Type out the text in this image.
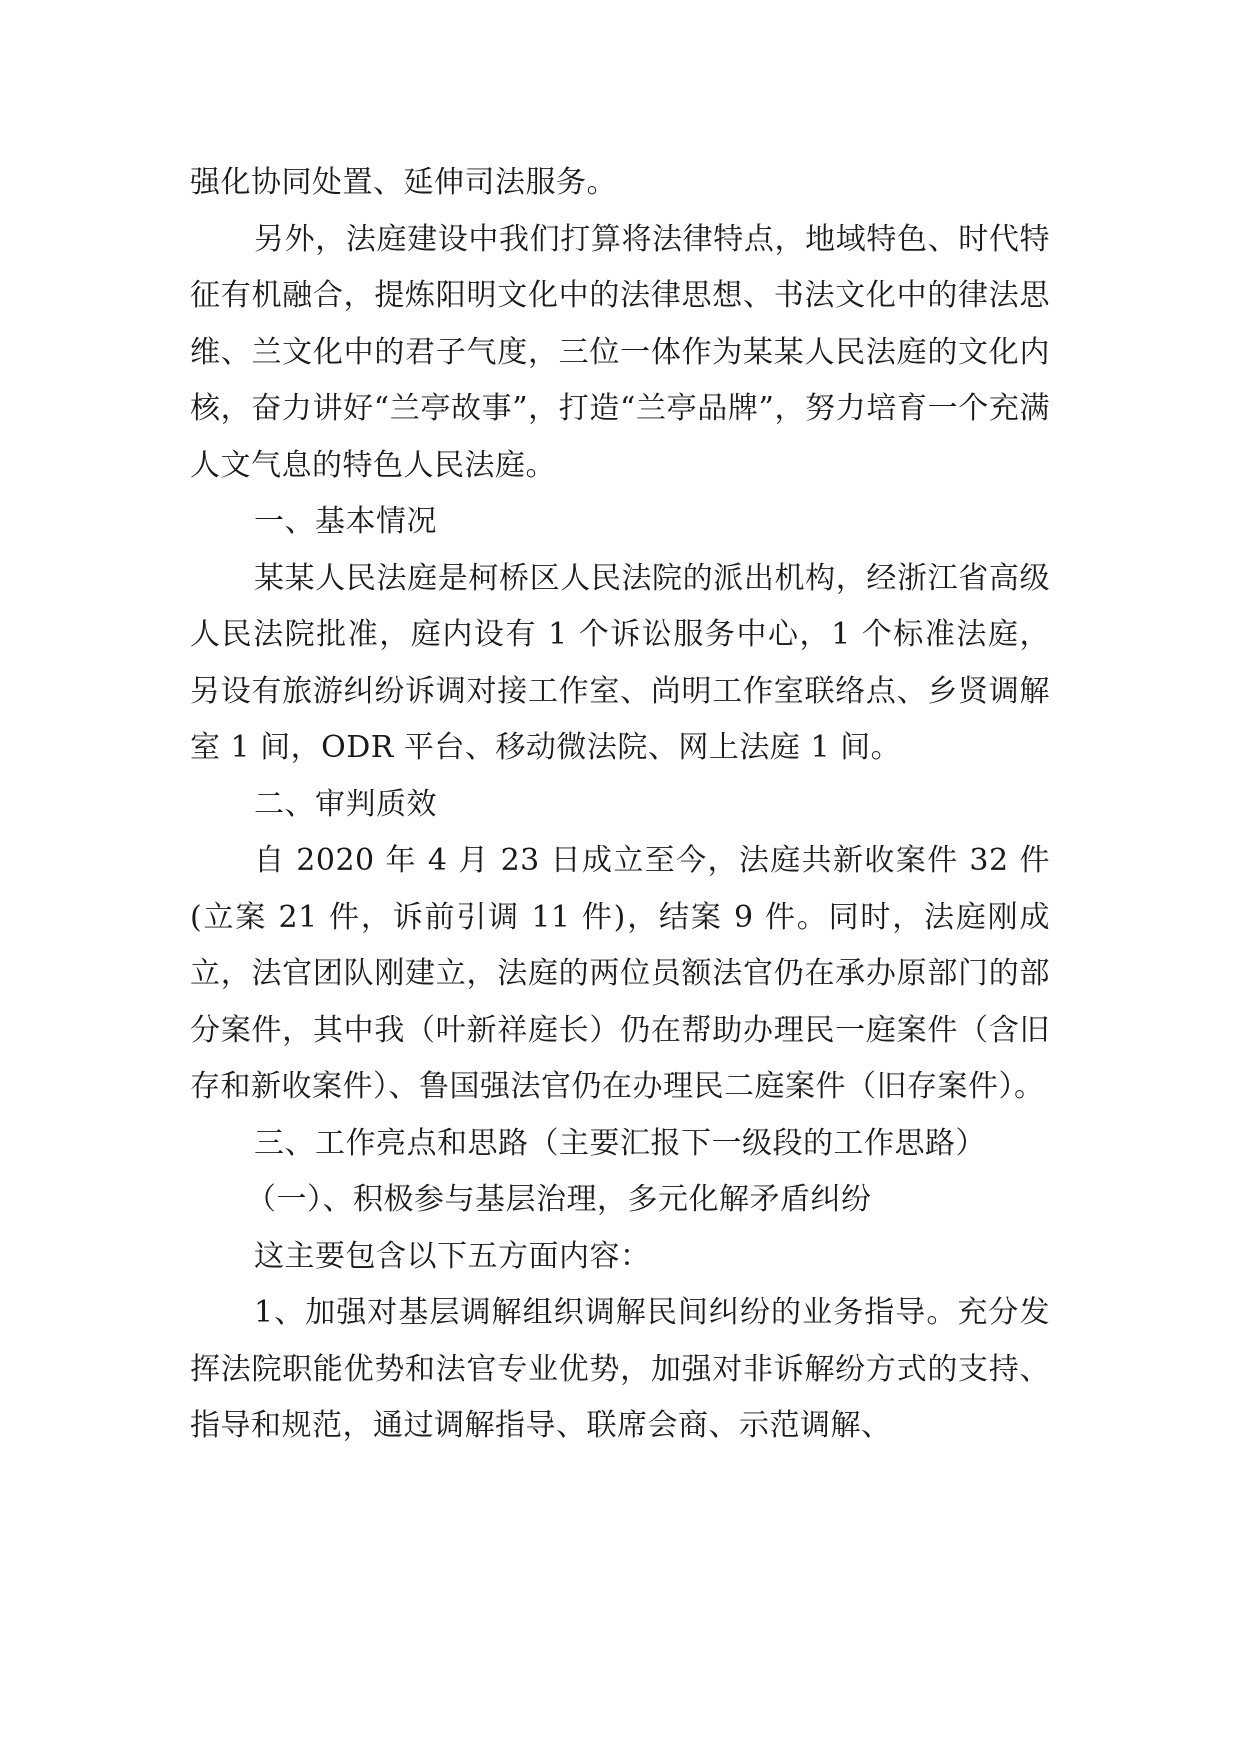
强化协同处置、延伸司法服务。

另外，法庭建设中我们打算将法律特点，地域特色、时代特征有机融合，提炼阳明文化中的法律思想、书法文化中的律法思维、兰文化中的君子气度，三位一体作为某某人民法庭的文化内核，奋力讲好“兰亭故事”，打造“兰亭品牌”，努力培育一个充满人文气息的特色人民法庭。

一、基本情况

某某人民法庭是柯桥区人民法院的派出机构，经浙江省高级人民法院批准，庭内设有 1 个诉讼服务中心，1 个标准法庭，另设有旅游纠纷诉调对接工作室、尚明工作室联络点、乡贤调解室 1 间，ODR 平台、移动微法院、网上法庭 1 间。

二、审判质效

自 2020 年 4 月 23 日成立至今，法庭共新收案件 32 件(立案 21 件，诉前引调 11 件)，结案 9 件。同时，法庭刚成立，法官团队刚建立，法庭的两位员额法官仍在承办原部门的部分案件，其中我（叶新祥庭长）仍在帮助办理民一庭案件（含旧存和新收案件）、鲁国强法官仍在办理民二庭案件（旧存案件）。

三、工作亮点和思路（主要汇报下一级段的工作思路）

（一）、积极参与基层治理，多元化解矛盾纠纷

这主要包含以下五方面内容：

1、加强对基层调解组织调解民间纠纷的业务指导。充分发挥法院职能优势和法官专业优势，加强对非诉解纷方式的支持、指导和规范，通过调解指导、联席会商、示范调解、
